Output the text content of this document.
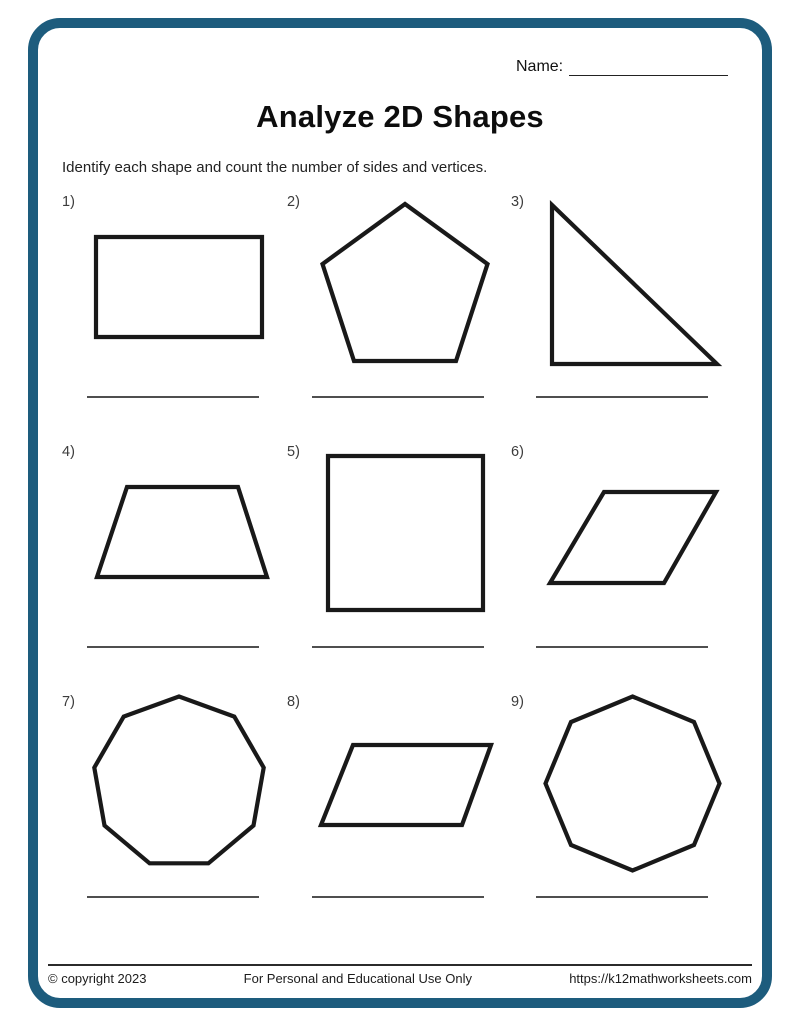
Name:
Analyze 2D Shapes

Identify each shape and count the number of sides and vertices.

1)	2)	3)
4)	5)	6)
7)	8)	9)
© copyright 2023	For Personal and Educational Use Only	https://k12mathworksheets.com
